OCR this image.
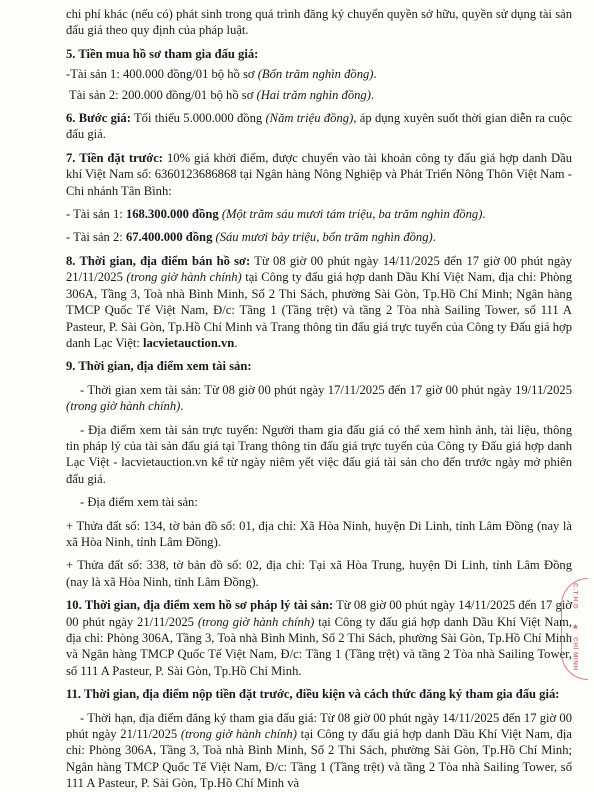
chi phí khác (nếu có) phát sinh trong quá trình đăng ký chuyển quyền sở hữu, quyền sử dụng tài sản đấu giá theo quy định của pháp luật.

5. Tiền mua hồ sơ tham gia đấu giá:

-Tài sản 1: 400.000 đồng/01 bộ hồ sơ (Bốn trăm nghìn đồng).

Tài sản 2: 200.000 đồng/01 bộ hồ sơ (Hai trăm nghìn đồng).

6. Bước giá: Tối thiểu 5.000.000 đồng (Năm triệu đồng), áp dụng xuyên suốt thời gian diễn ra cuộc đấu giá.

7. Tiền đặt trước: 10% giá khởi điểm, được chuyển vào tài khoản công ty đấu giá hợp danh Dầu khí Việt Nam số: 6360123686868 tại Ngân hàng Nông Nghiệp và Phát Triển Nông Thôn Việt Nam - Chi nhánh Tân Bình:

- Tài sản 1: 168.300.000 đồng (Một trăm sáu mươi tám triệu, ba trăm nghìn đồng).

- Tài sản 2: 67.400.000 đồng (Sáu mươi bảy triệu, bốn trăm nghìn đồng).

8. Thời gian, địa điểm bán hồ sơ: Từ 08 giờ 00 phút ngày 14/11/2025 đến 17 giờ 00 phút ngày 21/11/2025 (trong giờ hành chính) tại Công ty đấu giá hợp danh Dầu Khí Việt Nam, địa chỉ: Phòng 306A, Tầng 3, Toà nhà Bình Minh, Số 2 Thi Sách, phường Sài Gòn, Tp.Hồ Chí Minh; Ngân hàng TMCP Quốc Tế Việt Nam, Đ/c: Tầng 1 (Tầng trệt) và tầng 2 Tòa nhà Sailing Tower, số 111 A Pasteur, P. Sài Gòn, Tp.Hồ Chí Minh và Trang thông tin đấu giá trực tuyến của Công ty Đấu giá hợp danh Lạc Việt: lacvietauction.vn.

9. Thời gian, địa điểm xem tài sản:

- Thời gian xem tài sản: Từ 08 giờ 00 phút ngày 17/11/2025 đến 17 giờ 00 phút ngày 19/11/2025 (trong giờ hành chính).

- Địa điểm xem tài sản trực tuyến: Người tham gia đấu giá có thể xem hình ảnh, tài liệu, thông tin pháp lý của tài sản đấu giá tại Trang thông tin đấu giá trực tuyến của Công ty Đấu giá hợp danh Lạc Việt - lacvietauction.vn kể từ ngày niêm yết việc đấu giá tài sản cho đến trước ngày mở phiên đấu giá.

- Địa điểm xem tài sản:

+ Thửa đất số: 134, tờ bản đồ số: 01, địa chỉ: Xã Hòa Ninh, huyện Di Linh, tỉnh Lâm Đồng (nay là xã Hòa Ninh, tỉnh Lâm Đồng).

+ Thửa đất số: 338, tờ bản đồ số: 02, địa chỉ: Tại xã Hòa Trung, huyện Di Linh, tỉnh Lâm Đồng (nay là xã Hòa Ninh, tỉnh Lâm Đồng).

10. Thời gian, địa điểm xem hồ sơ pháp lý tài sản: Từ 08 giờ 00 phút ngày 14/11/2025 đến 17 giờ 00 phút ngày 21/11/2025 (trong giờ hành chính) tại Công ty đấu giá hợp danh Dầu Khí Việt Nam, địa chỉ: Phòng 306A, Tầng 3, Toà nhà Bình Minh, Số 2 Thi Sách, phường Sài Gòn, Tp.Hồ Chí Minh và Ngân hàng TMCP Quốc Tế Việt Nam, Đ/c: Tầng 1 (Tầng trệt) và tầng 2 Tòa nhà Sailing Tower, số 111 A Pasteur, P. Sài Gòn, Tp.Hồ Chí Minh.

11. Thời gian, địa điểm nộp tiền đặt trước, điều kiện và cách thức đăng ký tham gia đấu giá:

- Thời hạn, địa điểm đăng ký tham gia đấu giá: Từ 08 giờ 00 phút ngày 14/11/2025 đến 17 giờ 00 phút ngày 21/11/2025 (trong giờ hành chính) tại Công ty đấu giá hợp danh Dầu Khí Việt Nam, địa chỉ: Phòng 306A, Tầng 3, Toà nhà Bình Minh, Số 2 Thi Sách, phường Sài Gòn, Tp.Hồ Chí Minh; Ngân hàng TMCP Quốc Tế Việt Nam, Đ/c: Tầng 1 (Tầng trệt) và tầng 2 Tòa nhà Sailing Tower, số 111 A Pasteur, P. Sài Gòn, Tp.Hồ Chí Minh và

C.T.H.D
★
CHÍ MINH
